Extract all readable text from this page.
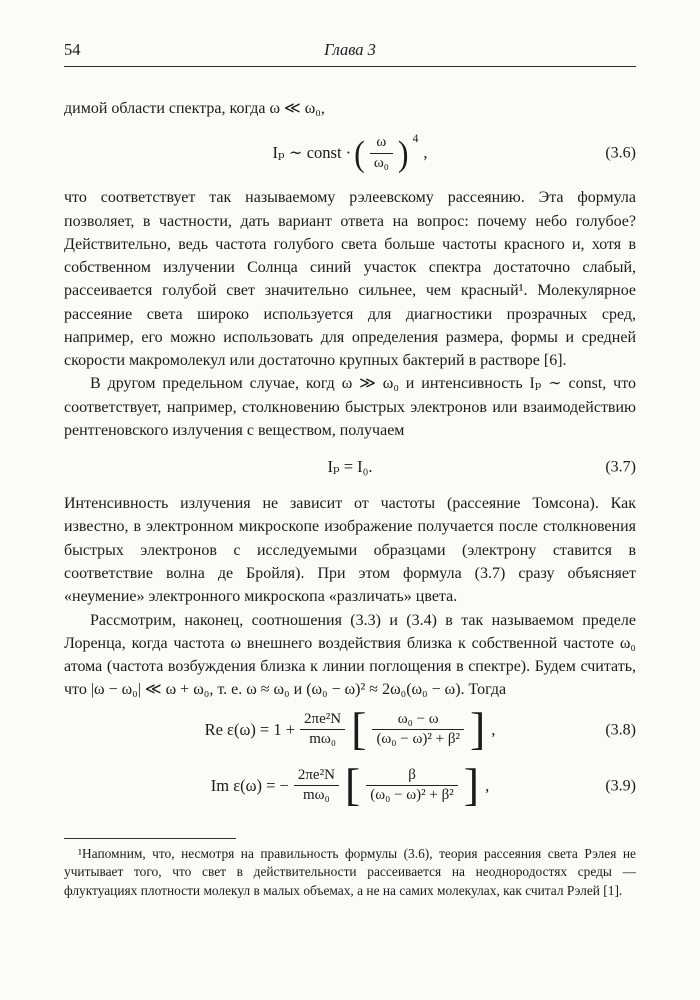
54	Глава 3

димой области спектра, когда ω ≪ ω₀,

Iₚ ∼ const · ( $\frac{\omega}{\text{ω₀}}$ ) 4
,	(3.6)

что соответствует так называемому рэлеевскому рассеянию. Эта формула позволяет, в частности, дать вариант ответа на вопрос: почему небо голубое? Действительно, ведь частота голубого света больше частоты красного и, хотя в собственном излучении Солнца синий участок спектра достаточно слабый, рассеивается голубой свет значительно сильнее, чем красный¹. Молекулярное рассеяние света широко используется для диагностики прозрачных сред, например, его можно использовать для определения размера, формы и средней скорости макромолекул или достаточно крупных бактерий в растворе [6].

В другом предельном случае, когд ω ≫ ω₀ и интенсивность Iₚ ∼ const, что соответствует, например, столкновению быстрых электронов или взаимодействию рентгеновского излучения с веществом, получаем

Iₚ = I₀.	(3.7)

Интенсивность излучения не зависит от частоты (рассеяние Томсона). Как известно, в электронном микроскопе изображение получается после столкновения быстрых электронов с исследуемыми образцами (электрону ставится в соответствие волна де Бройля). При этом формула (3.7) сразу объясняет «неумение» электронного микроскопа «различать» цвета.

Рассмотрим, наконец, соотношения (3.3) и (3.4) в так называемом пределе Лоренца, когда частота ω внешнего воздействия близка к собственной частоте ω₀ атома (частота возбуждения близка к линии поглощения в спектре). Будем считать, что |ω − ω₀| ≪ ω + ω₀, т. е. ω ≈ ω₀ и (ω₀ − ω)² ≈ 2ω₀(ω₀ − ω). Тогда

Re $\varepsilon(\omega) = 1 + \frac{\text{2πe²N}}{\text{mω₀}}$ [ $\frac{\text{ω₀ − ω}}{\text{(ω₀ − ω)² + β²}}$ ] ,	(3.8)
Im ε(ω) = − $\frac{\text{2πe²N}}{\text{mω₀}}$ [ $\frac{\beta}{\text{(ω₀ − ω)² + β²}}$ ] ,	(3.9)

¹Напомним, что, несмотря на правильность формулы (3.6), теория рассеяния света Рэлея не учитывает того, что свет в действительности рассеивается на неоднородостях среды — флуктуациях плотности молекул в малых объемах, а не на самих молекулах, как считал Рэлей [1].
